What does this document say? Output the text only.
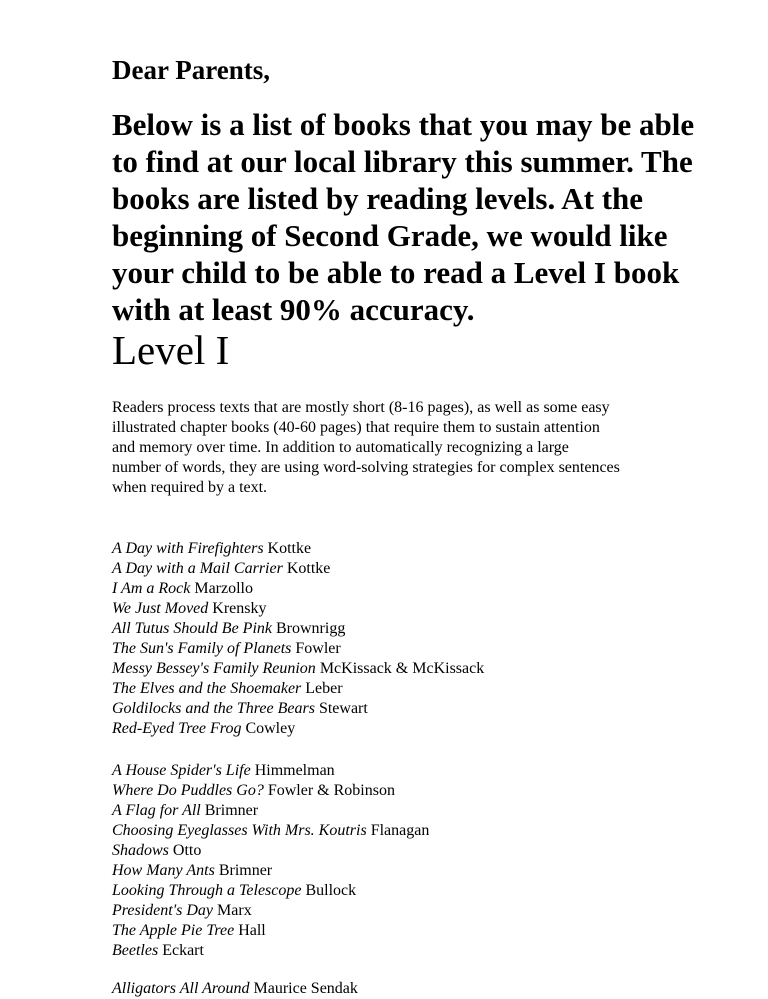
Dear Parents,
Below is a list of books that you may be able
to find at our local library this summer. The
books are listed by reading levels. At the
beginning of Second Grade, we would like
your child to be able to read a Level I book
with at least 90% accuracy.
Level I
Readers process texts that are mostly short (8-16 pages), as well as some easy
illustrated chapter books (40-60 pages) that require them to sustain attention
and memory over time. In addition to automatically recognizing a large
number of words, they are using word-solving strategies for complex sentences
when required by a text.
A Day with Firefighters Kottke
A Day with a Mail Carrier Kottke
I Am a Rock Marzollo
We Just Moved Krensky
All Tutus Should Be Pink Brownrigg
The Sun's Family of Planets Fowler
Messy Bessey's Family Reunion McKissack & McKissack
The Elves and the Shoemaker Leber
Goldilocks and the Three Bears Stewart
Red-Eyed Tree Frog Cowley
A House Spider's Life Himmelman
Where Do Puddles Go? Fowler & Robinson
A Flag for All Brimner
Choosing Eyeglasses With Mrs. Koutris Flanagan
Shadows Otto
How Many Ants Brimner
Looking Through a Telescope Bullock
President's Day Marx
The Apple Pie Tree Hall
Beetles Eckart
Alligators All Around Maurice Sendak
